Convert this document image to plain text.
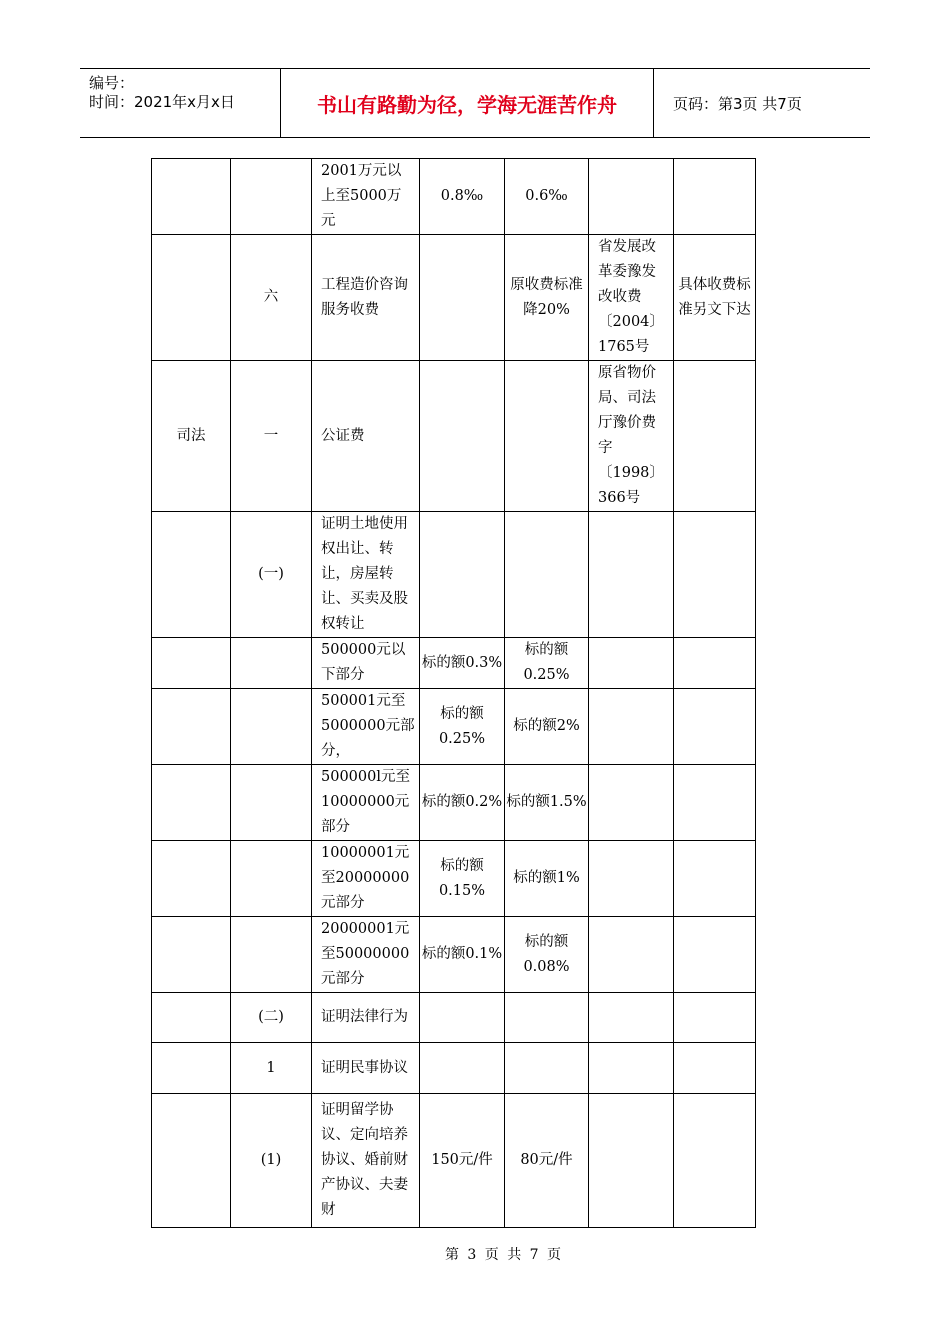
编号：
时间：2021年x月x日	书山有路勤为径，学海无涯苦作舟	页码：第3页 共7页
		2001万元以上至5000万元	0.8‰	0.6‰		
	六	工程造价咨询服务收费		原收费标准降20%	省发展改革委豫发改收费〔2004〕1765号	具体收费标准另文下达
司法	一	公证费			原省物价局、司法厅豫价费字〔1998〕366号	
	(一)	证明土地使用权出让、转让，房屋转让、买卖及股权转让				
		500000元以下部分	标的额0.3%	标的额0.25%		
		500001元至5000000元部分，	标的额0.25%	标的额2%		
		500000l元至10000000元部分	标的额0.2%	标的额1.5%		
		10000001元至20000000元部分	标的额0.15%	标的额1%		
		20000001元至50000000元部分	标的额0.1%	标的额0.08%		
	(二)	证明法律行为				
	1	证明民事协议				
	(1)	证明留学协议、定向培养协议、婚前财产协议、夫妻财	150元/件	80元/件		
第 3 页 共 7 页
